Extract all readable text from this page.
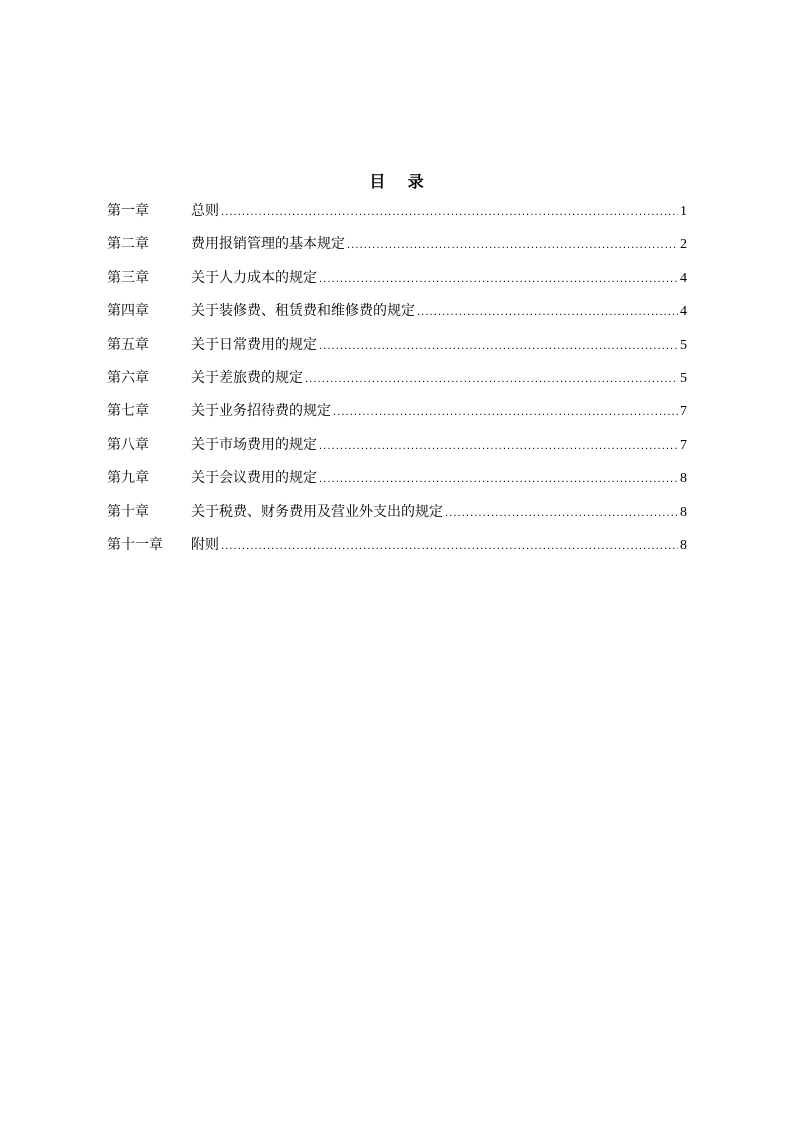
目    录
第一章	总则 .....	1
第二章	费用报销管理的基本规定 .....	2
第三章	关于人力成本的规定 .....	4
第四章	关于装修费、租赁费和维修费的规定 .....	4
第五章	关于日常费用的规定 .....	5
第六章	关于差旅费的规定 .....	5
第七章	关于业务招待费的规定 .....	7
第八章	关于市场费用的规定 .....	7
第九章	关于会议费用的规定 .....	8
第十章	关于税费、财务费用及营业外支出的规定 .....	8
第十一章	附则 .....	8
